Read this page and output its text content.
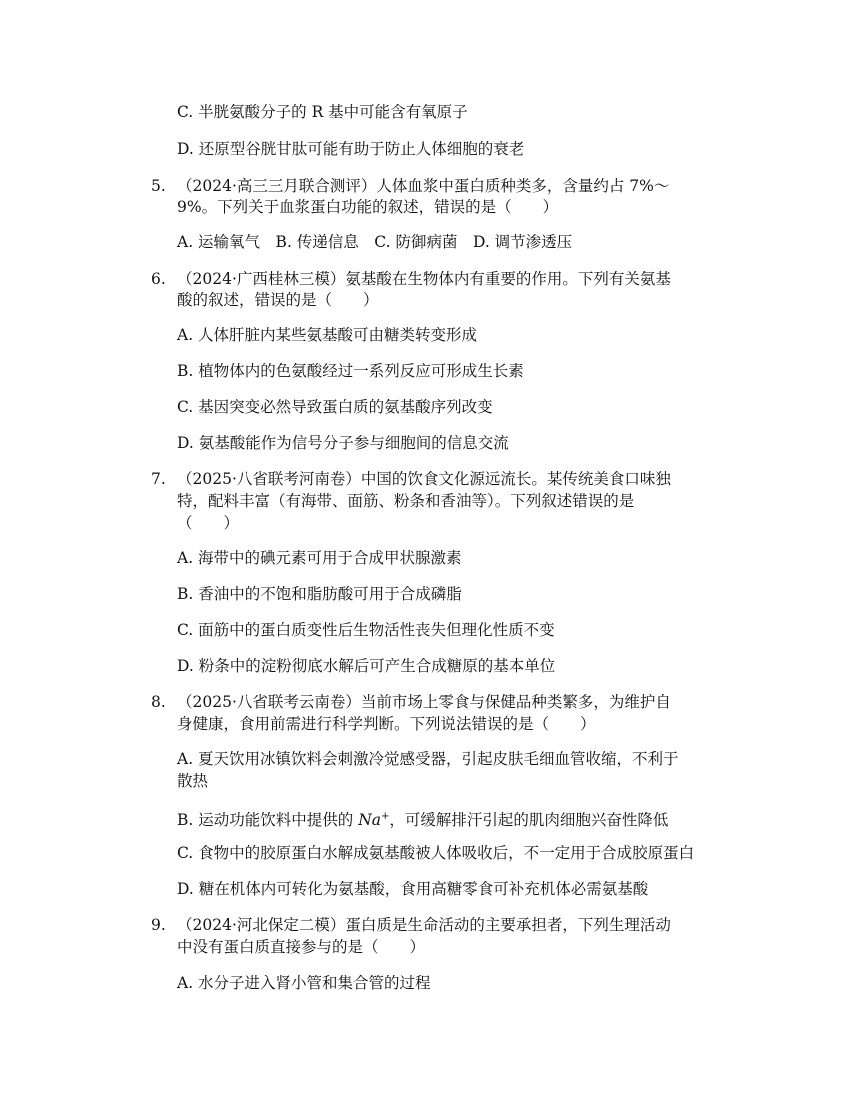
C. 半胱氨酸分子的 R 基中可能含有氧原子
D. 还原型谷胱甘肽可能有助于防止人体细胞的衰老
5. （2024·高三三月联合测评）人体血浆中蛋白质种类多，含量约占 7%～
9%。下列关于血浆蛋白功能的叙述，错误的是（　　）
A. 运输氧气　B. 传递信息　C. 防御病菌　D. 调节渗透压
6. （2024·广西桂林三模）氨基酸在生物体内有重要的作用。下列有关氨基
酸的叙述，错误的是（　　）
A. 人体肝脏内某些氨基酸可由糖类转变形成
B. 植物体内的色氨酸经过一系列反应可形成生长素
C. 基因突变必然导致蛋白质的氨基酸序列改变
D. 氨基酸能作为信号分子参与细胞间的信息交流
7. （2025·八省联考河南卷）中国的饮食文化源远流长。某传统美食口味独
特，配料丰富（有海带、面筋、粉条和香油等）。下列叙述错误的是
（　　）
A. 海带中的碘元素可用于合成甲状腺激素
B. 香油中的不饱和脂肪酸可用于合成磷脂
C. 面筋中的蛋白质变性后生物活性丧失但理化性质不变
D. 粉条中的淀粉彻底水解后可产生合成糖原的基本单位
8. （2025·八省联考云南卷）当前市场上零食与保健品种类繁多，为维护自
身健康，食用前需进行科学判断。下列说法错误的是（　　）
A. 夏天饮用冰镇饮料会刺激冷觉感受器，引起皮肤毛细血管收缩，不利于
散热
B. 运动功能饮料中提供的 Na+，可缓解排汗引起的肌肉细胞兴奋性降低
C. 食物中的胶原蛋白水解成氨基酸被人体吸收后，不一定用于合成胶原蛋白
D. 糖在机体内可转化为氨基酸，食用高糖零食可补充机体必需氨基酸
9. （2024·河北保定二模）蛋白质是生命活动的主要承担者，下列生理活动
中没有蛋白质直接参与的是（　　）
A. 水分子进入肾小管和集合管的过程
